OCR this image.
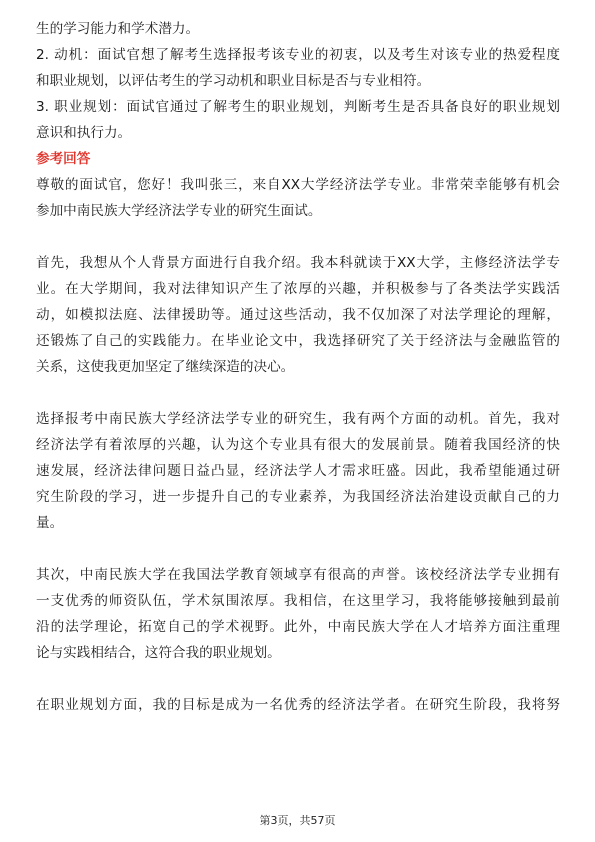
生的学习能力和学术潜力。
2. 动机：面试官想了解考生选择报考该专业的初衷，以及考生对该专业的热爱程度
和职业规划，以评估考生的学习动机和职业目标是否与专业相符。
3. 职业规划：面试官通过了解考生的职业规划，判断考生是否具备良好的职业规划
意识和执行力。
参考回答
尊敬的面试官，您好！我叫张三，来自XX大学经济法学专业。非常荣幸能够有机会
参加中南民族大学经济法学专业的研究生面试。
首先，我想从个人背景方面进行自我介绍。我本科就读于XX大学，主修经济法学专
业。在大学期间，我对法律知识产生了浓厚的兴趣，并积极参与了各类法学实践活
动，如模拟法庭、法律援助等。通过这些活动，我不仅加深了对法学理论的理解，
还锻炼了自己的实践能力。在毕业论文中，我选择研究了关于经济法与金融监管的
关系，这使我更加坚定了继续深造的决心。
选择报考中南民族大学经济法学专业的研究生，我有两个方面的动机。首先，我对
经济法学有着浓厚的兴趣，认为这个专业具有很大的发展前景。随着我国经济的快
速发展，经济法律问题日益凸显，经济法学人才需求旺盛。因此，我希望能通过研
究生阶段的学习，进一步提升自己的专业素养，为我国经济法治建设贡献自己的力
量。
其次，中南民族大学在我国法学教育领域享有很高的声誉。该校经济法学专业拥有
一支优秀的师资队伍，学术氛围浓厚。我相信，在这里学习，我将能够接触到最前
沿的法学理论，拓宽自己的学术视野。此外，中南民族大学在人才培养方面注重理
论与实践相结合，这符合我的职业规划。
在职业规划方面，我的目标是成为一名优秀的经济法学者。在研究生阶段，我将努
第3页，共57页
